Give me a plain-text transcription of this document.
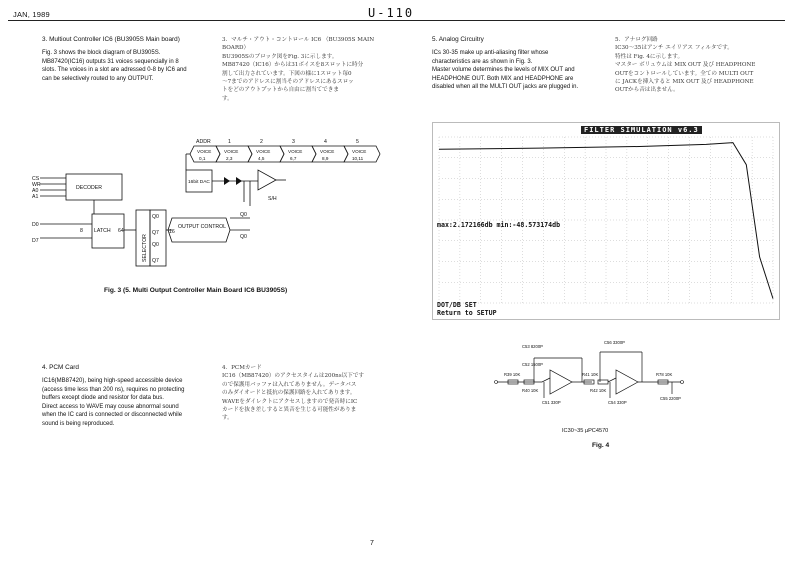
JAN, 1989	U-110
3. Multiout Controller IC6 (BU3905S Main board)
Fig. 3 shows the block diagram of BU3905S.
MB87420(IC16) outputs 31 voices sequencially in 8
slots. The voices in a slot are adressed 0-8 by IC6 and
can be selectively routed to any OUTPUT.
3．マルチ・アウト・コントロール IC6 （BU3905S MAIN BOARD）
BU3905Sのブロック図をFig. 3に示します。
MB87420（IC16）からは31ボイスを8スロットに時分
割して出力されています。下図の様に1スロット毎0
～7までのアドレスに割当そのアドレスにあるスロッ
トをどのアウトプットから自由に割当てできま
す。
5. Analog Circuitry
ICs 30-35 make up anti-aliasing filter whose
characteristics are as shown in Fig. 3.
Master volume determines the levels of MIX OUT and
HEADPHONE OUT. Both MIX and HEADPHONE are
disabled when all the MULTI OUT jacks are plugged in.
5．アナログ回路
IC30～35はアンチ エイリアス フィルタです。
特性は Fig. 4に示します。
マスター ボリュウムは MIX OUT 及び HEADPHONE
OUTをコントロールしています。全ての MULTI OUT
に JACKを挿入すると MIX OUT 及び HEADPHONE
OUTから音は出ません。
ADDR	1	2	3	4	5
VOICE
0,1
VOICE
2,3
VOICE
4,5
VOICE
6,7
VOICE
8,9
VOICE
10,11
CS
WR
A0
A1
DECODER
D0
D7
8 LATCH 64
SELECTOR
Q0
Q7
Q0
Q7
16
OUTPUT CONTROL
16bit DAC
S/H
Q0
Q0
Fig. 3 (5. Multi Output Controller Main Board IC6 BU3905S)
FILTER SIMULATION v6.3
max:2.172166db min:-48.573174db
DOT/DB SET
Return to SETUP
4. PCM Card
IC16(MB87420), being high-speed accessible device
(access time less than 200 ns), requires no protecting
buffers except diode and resistor for data bus.
Direct access to WAVE may couse abnormal sound
when the IC card is connected or disconnected while
sound is being reproduced.
4．PCMカード
IC16（MB87420）のアクセスタイムは200ns以下です
ので保護用バッファは入れてありません。データバス
のみダイオードと抵抗の保護回路を入れてあります。
WAVEをダイレクトにアクセスしますので発音時にIC
カードを抜き差しすると異音を生じる可能性がありま
す。
C53 8200P
C52 1500P
C56 3300P
R39 10K
R40 10K
C51 330P
R41 10K
R42 10K
C54 330P
R78 10K
C55 2200P
IC30~35 µPC4570
Fig. 4
7
